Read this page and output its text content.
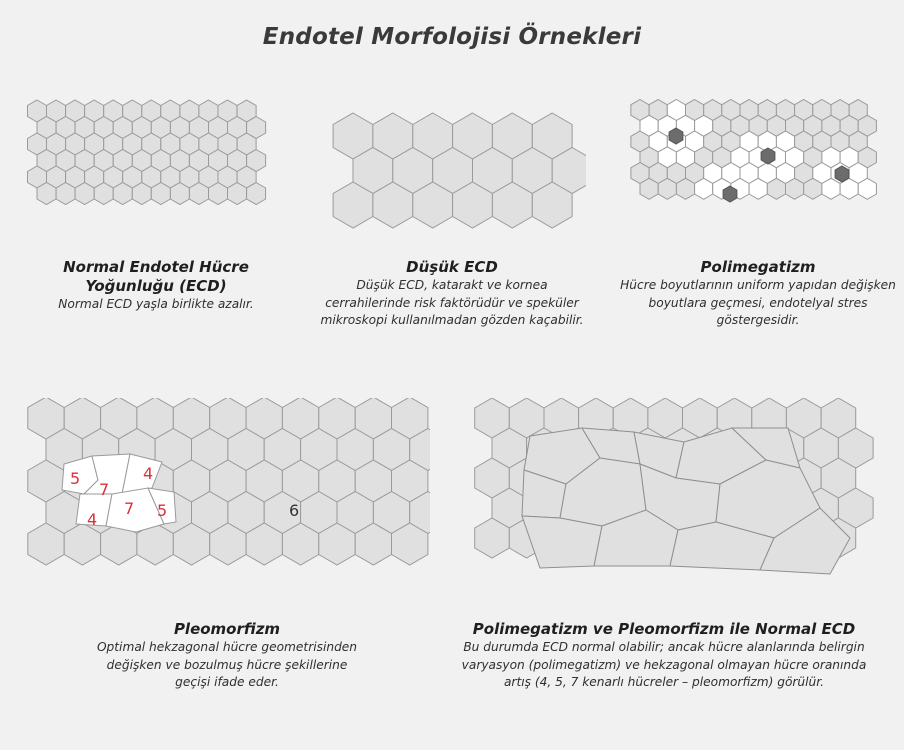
Endotel Morfolojisi Örnekleri
Normal Endotel Hücre Yoğunluğu (ECD)
Normal ECD yaşla birlikte azalır.
Düşük ECD
Düşük ECD, katarakt ve kornea cerrahilerinde risk faktörüdür ve speküler mikroskopi kullanılmadan gözden kaçabilir.
Polimegatizm
Hücre boyutlarının uniform yapıdan değişken boyutlara geçmesi, endotelyal stres göstergesidir.
5
7
4
4
7 5	6
Pleomorfizm
Optimal hekzagonal hücre geometrisinden değişken ve bozulmuş hücre şekillerine geçişi ifade eder.
Polimegatizm ve Pleomorfizm ile Normal ECD
Bu durumda ECD normal olabilir; ancak hücre alanlarında belirgin varyasyon (polimegatizm) ve hekzagonal olmayan hücre oranında artış (4, 5, 7 kenarlı hücreler – pleomorfizm) görülür.
